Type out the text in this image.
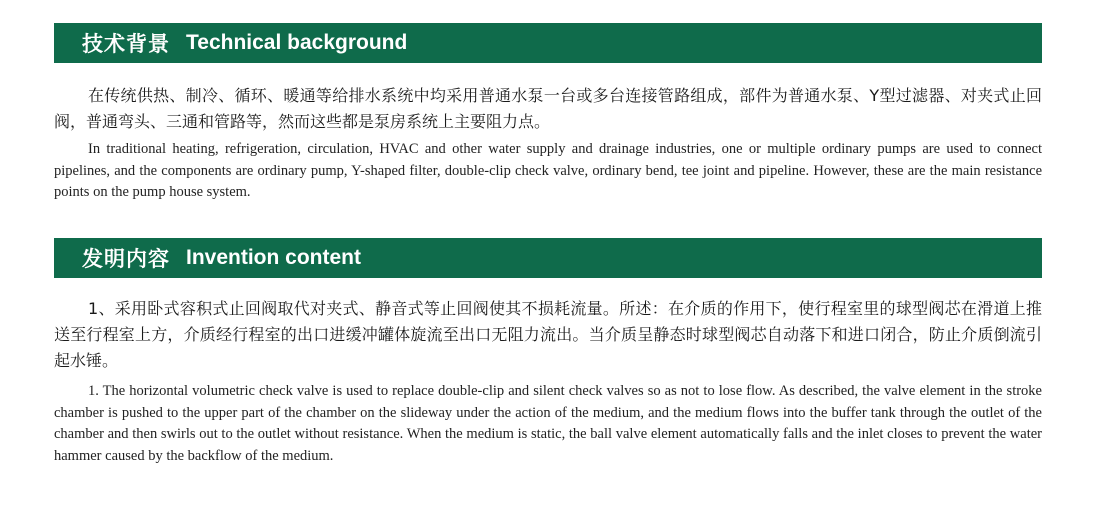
技术背景 Technical background

在传统供热、制冷、循环、暖通等给排水系统中均采用普通水泵一台或多台连接管路组成，部件为普通水泵、Y型过滤器、对夹式止回阀，普通弯头、三通和管路等，然而这些都是泵房系统上主要阻力点。

In traditional heating, refrigeration, circulation, HVAC and other water supply and drainage industries, one or multiple ordinary pumps are used to connect pipelines, and the components are ordinary pump, Y-shaped filter, double-clip check valve, ordinary bend, tee joint and pipeline. However, these are the main resistance points on the pump house system.

发明内容 Invention content

1、采用卧式容积式止回阀取代对夹式、静音式等止回阀使其不损耗流量。所述：在介质的作用下，使行程室里的球型阀芯在滑道上推送至行程室上方，介质经行程室的出口进缓冲罐体旋流至出口无阻力流出。当介质呈静态时球型阀芯自动落下和进口闭合，防止介质倒流引起水锤。

1. The horizontal volumetric check valve is used to replace double-clip and silent check valves so as not to lose flow. As described, the valve element in the stroke chamber is pushed to the upper part of the chamber on the slideway under the action of the medium, and the medium flows into the buffer tank through the outlet of the chamber and then swirls out to the outlet without resistance. When the medium is static, the ball valve element automatically falls and the inlet closes to prevent the water hammer caused by the backflow of the medium.
